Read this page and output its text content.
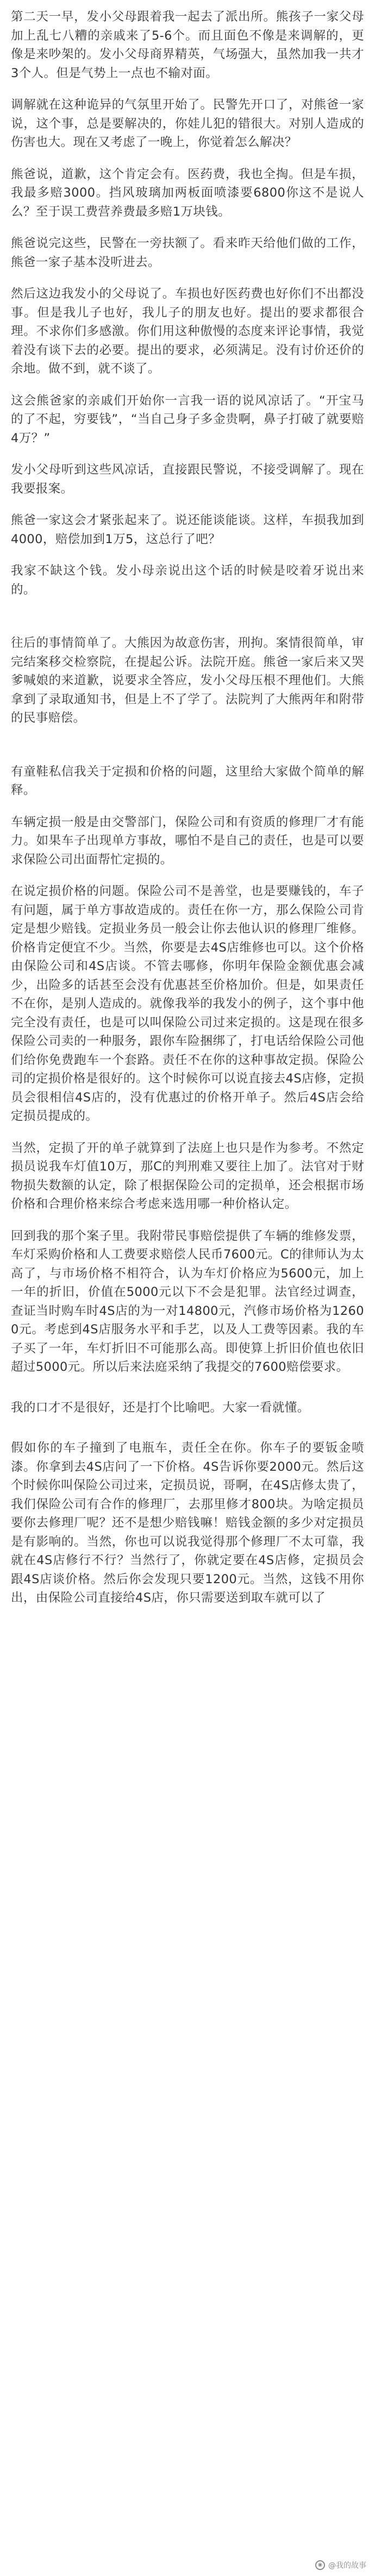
第二天一早，发小父母跟着我一起去了派出所。熊孩子一家父母加上乱七八糟的亲戚来了5-6个。而且面色不像是来调解的，更像是来吵架的。发小父母商界精英，气场强大，虽然加我一共才3个人。但是气势上一点也不输对面。

调解就在这种诡异的气氛里开始了。民警先开口了，对熊爸一家说，这个事，总是要解决的，你娃儿犯的错很大。对别人造成的伤害也大。现在又考虑了一晚上，你觉着怎么解决？

熊爸说，道歉，这个肯定会有。医药费，我也全掏。但是车损，我最多赔3000。挡风玻璃加两板面喷漆要6800你这不是说人么？至于误工费营养费最多赔1万块钱。

熊爸说完这些，民警在一旁扶额了。看来昨天给他们做的工作，熊爸一家子基本没听进去。

然后这边我发小的父母说了。车损也好医药费也好你们不出都没事。但是我儿子也好，我儿子的朋友也好。提出的要求都很合理。不求你们多感激。你们用这种傲慢的态度来评论事情，我觉着没有谈下去的必要。提出的要求，必须满足。没有讨价还价的余地。做不到，就不谈了。

这会熊爸家的亲戚们开始你一言我一语的说风凉话了。“开宝马的了不起，穷要钱”，“当自己身子多金贵啊，鼻子打破了就要赔4万？”

发小父母听到这些风凉话，直接跟民警说，不接受调解了。现在我要报案。

熊爸一家这会才紧张起来了。说还能谈能谈。这样，车损我加到4000，赔偿加到1万5，这总行了吧？

我家不缺这个钱。发小母亲说出这个话的时候是咬着牙说出来的。

往后的事情简单了。大熊因为故意伤害，刑拘。案情很简单，审完结案移交检察院，在提起公诉。法院开庭。熊爸一家后来又哭爹喊娘的来道歉，说要求全答应，发小父母压根不理他们。大熊拿到了录取通知书，但是上不了学了。法院判了大熊两年和附带的民事赔偿。

有童鞋私信我关于定损和价格的问题，这里给大家做个简单的解释。

车辆定损一般是由交警部门，保险公司和有资质的修理厂才有能力。如果车子出现单方事故，哪怕不是自己的责任，也是可以要求保险公司出面帮忙定损的。

在说定损价格的问题。保险公司不是善堂，也是要赚钱的，车子有问题，属于单方事故造成的。责任在你一方，那么保险公司肯定是想少赔钱。定损业务员一般会让你去他认识的修理厂维修。价格肯定便宜不少。当然，你要是去4S店维修也可以。这个价格由保险公司和4S店谈。不管去哪修，你明年保险金额优惠会减少，出险多的话甚至会没有优惠甚至价格加价。但是，如果责任不在你，是别人造成的。就像我举的我发小的例子，这个事中他完全没有责任，也是可以叫保险公司过来定损的。这是现在很多保险公司卖的一种服务，跟你车险捆绑了，打电话给保险公司他们给你免费跑车一个套路。责任不在你的这种事故定损。保险公司的定损价格是很好的。这个时候你可以说直接去4S店修，定损员会很相信4S店的，没有优惠过的价格开单子。然后4S店会给定损员提成的。

当然，定损了开的单子就算到了法庭上也只是作为参考。不然定损员说我车灯值10万，那C的判刑难又要往上加了。法官对于财物损失数额的认定，除了根据保险公司的定损单，还会根据市场价格和合理价格来综合考虑来选用哪一种价格认定。

回到我的那个案子里。我附带民事赔偿提供了车辆的维修发票，车灯采购价格和人工费要求赔偿人民币7600元。C的律师认为太高了，与市场价格不相符合，认为车灯价格应为5600元，加上一年的折旧，价值在5000元以下不会是犯罪。法官经过调查，查证当时购车时4S店的为一对14800元，汽修市场价格为12600元。考虑到4S店服务水平和手艺，以及人工费等因素。我的车子买了一年，车灯折旧不可能那么高。即使算上折旧价值也依旧超过5000元。所以后来法庭采纳了我提交的7600赔偿要求。

我的口才不是很好，还是打个比喻吧。大家一看就懂。

假如你的车子撞到了电瓶车，责任全在你。你车子的要钣金喷漆。你拿到去4S店问了一下价格。4S告诉你要2000元。然后这个时候你叫保险公司过来，定损员说，哥啊，在4S店修太贵了，我们保险公司有合作的修理厂，去那里修才800块。为啥定损员要你去修理厂呢？还不是想少赔钱嘛！赔钱金额的多少对定损员是有影响的。当然，你也可以说我觉得那个修理厂不太可靠，我就在4S店修行不行？当然行了，你就定要在4S店修，定损员会跟4S店谈价格。然后你会发现只要1200元。当然，这钱不用你出，由保险公司直接给4S店，你只需要送到取车就可以了

◉ @我的故事
